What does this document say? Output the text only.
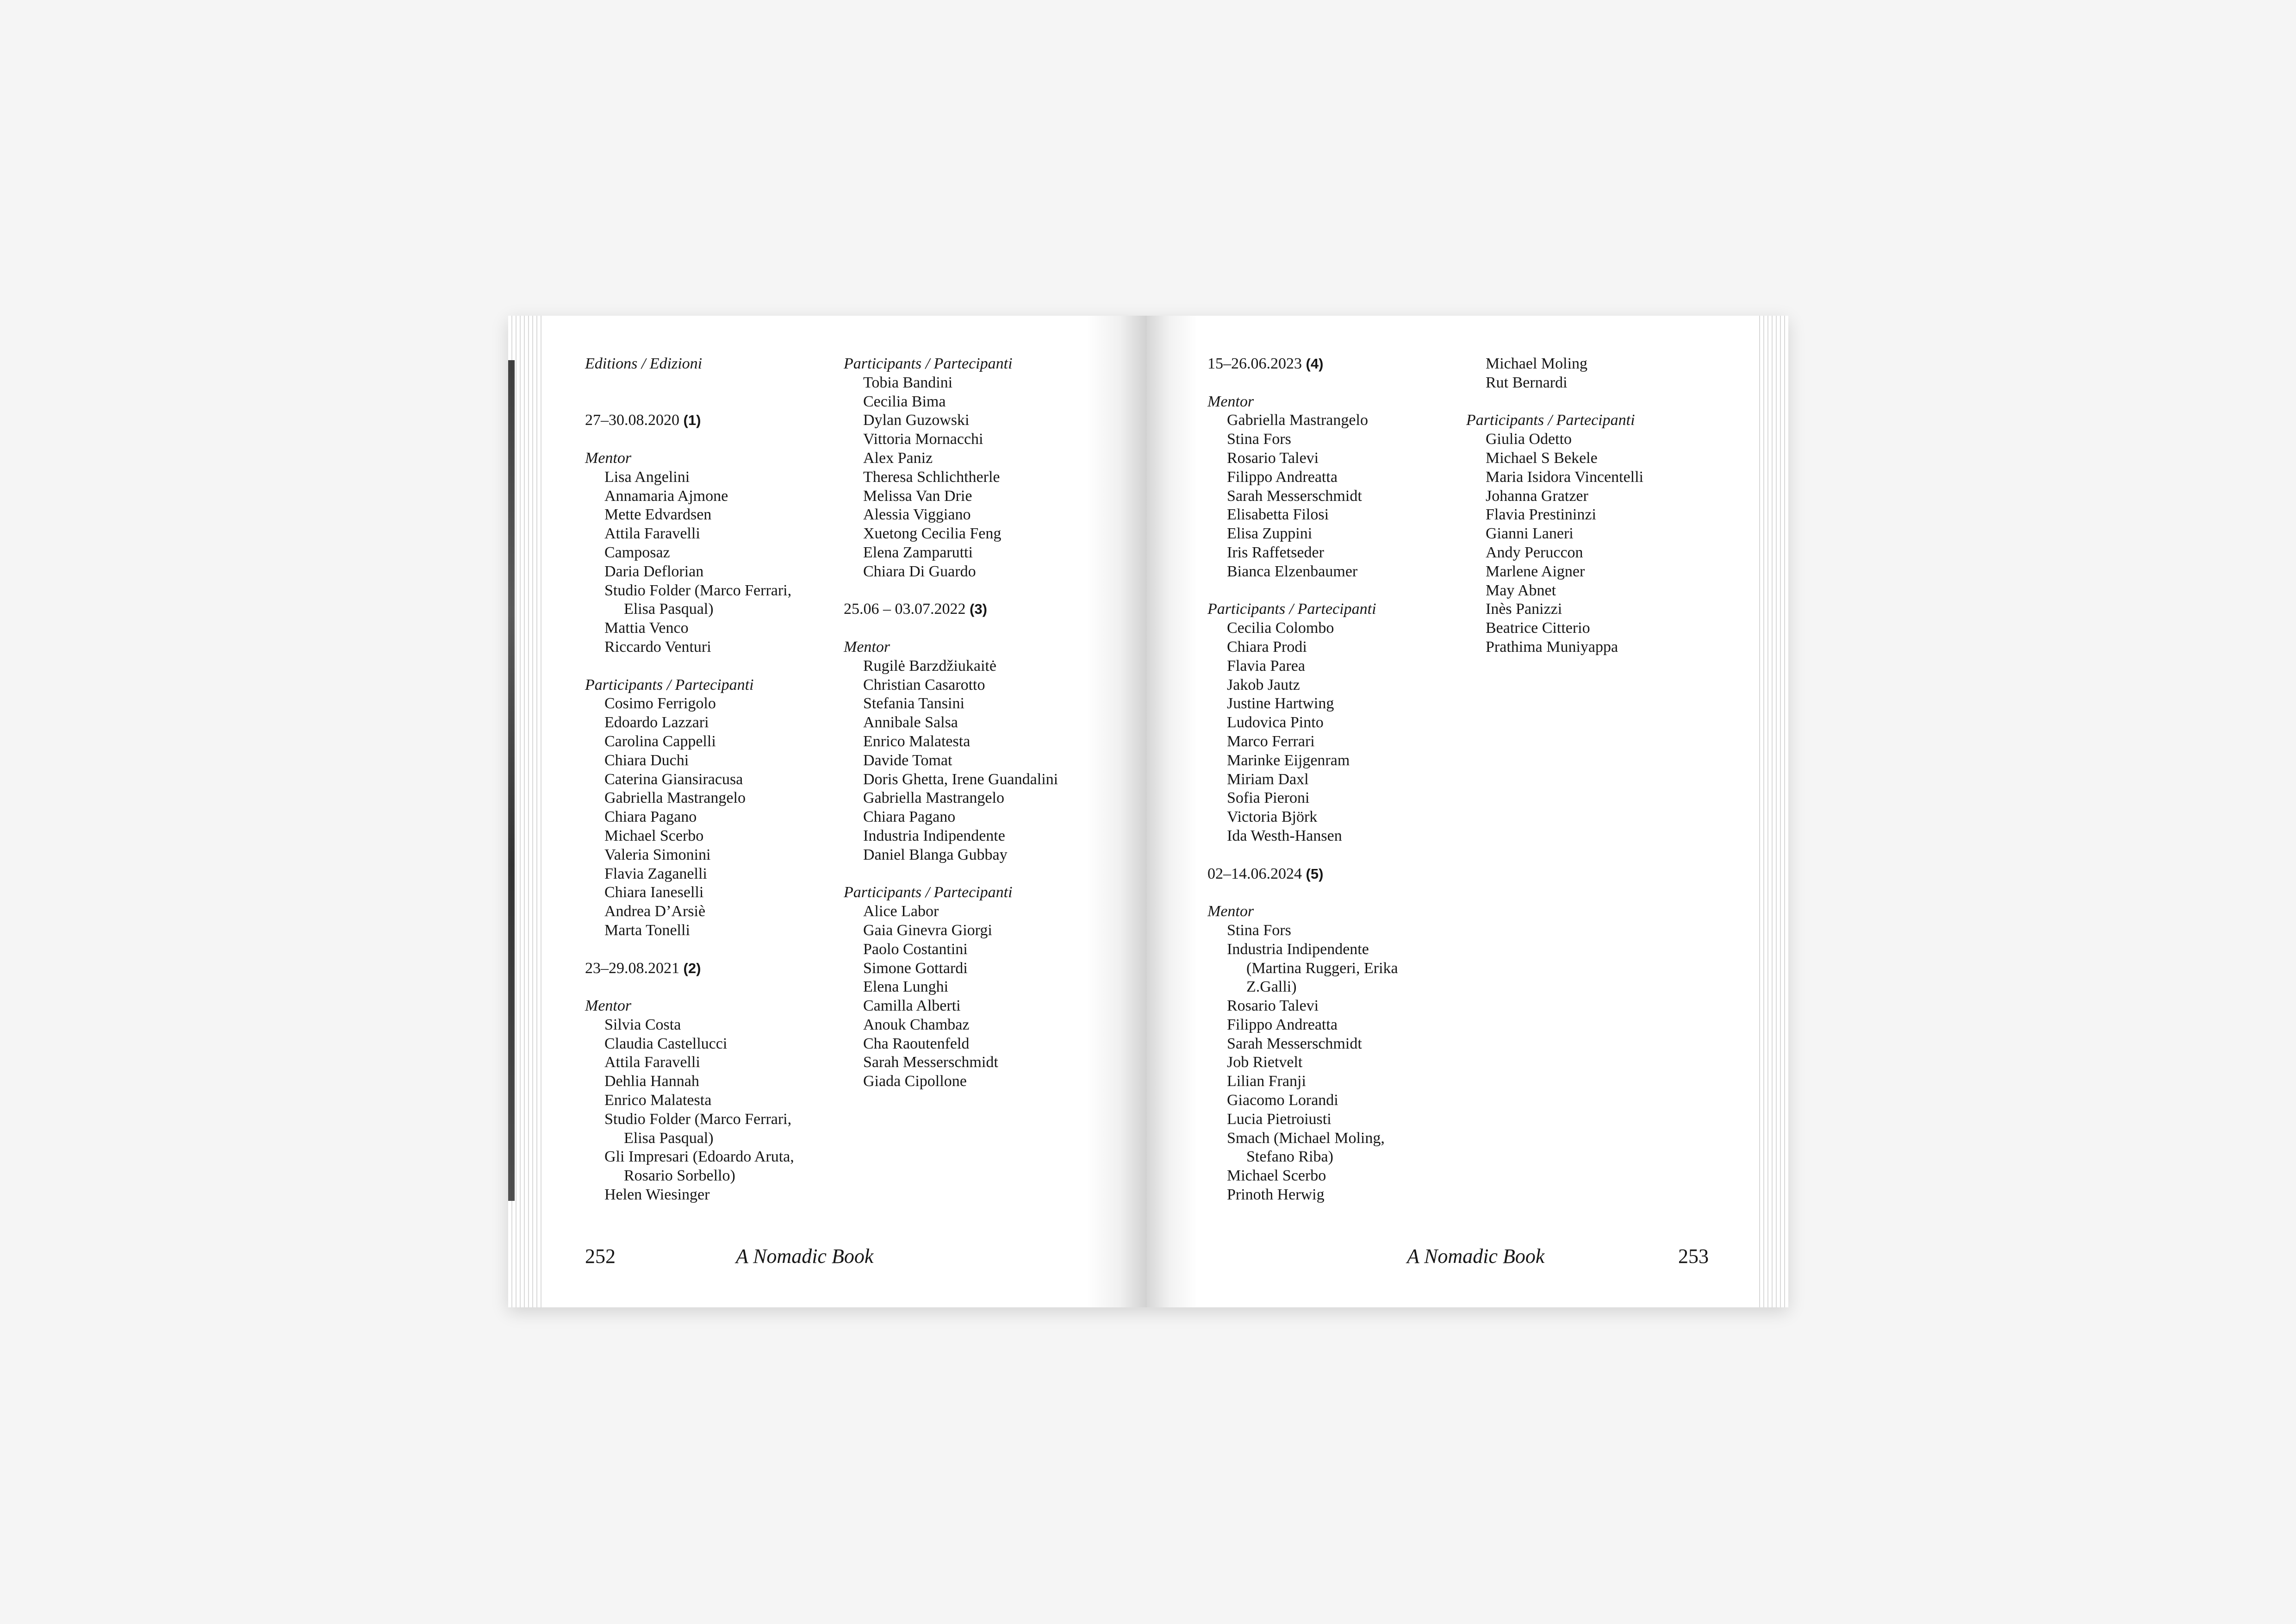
Editions / Edizioni
27–30.08.2020 (1)
Mentor
Lisa Angelini
Annamaria Ajmone
Mette Edvardsen
Attila Faravelli
Camposaz
Daria Deflorian
Studio Folder (Marco Ferrari,
Elisa Pasqual)
Mattia Venco
Riccardo Venturi
Participants / Partecipanti
Cosimo Ferrigolo
Edoardo Lazzari
Carolina Cappelli
Chiara Duchi
Caterina Giansiracusa
Gabriella Mastrangelo
Chiara Pagano
Michael Scerbo
Valeria Simonini
Flavia Zaganelli
Chiara Ianeselli
Andrea D’Arsiè
Marta Tonelli
23–29.08.2021 (2)
Mentor
Silvia Costa
Claudia Castellucci
Attila Faravelli
Dehlia Hannah
Enrico Malatesta
Studio Folder (Marco Ferrari,
Elisa Pasqual)
Gli Impresari (Edoardo Aruta,
Rosario Sorbello)
Helen Wiesinger
Participants / Partecipanti
Tobia Bandini
Cecilia Bima
Dylan Guzowski
Vittoria Mornacchi
Alex Paniz
Theresa Schlichtherle
Melissa Van Drie
Alessia Viggiano
Xuetong Cecilia Feng
Elena Zamparutti
Chiara Di Guardo
25.06 – 03.07.2022 (3)
Mentor
Rugilė Barzdžiukaitė
Christian Casarotto
Stefania Tansini
Annibale Salsa
Enrico Malatesta
Davide Tomat
Doris Ghetta, Irene Guandalini
Gabriella Mastrangelo
Chiara Pagano
Industria Indipendente
Daniel Blanga Gubbay
Participants / Partecipanti
Alice Labor
Gaia Ginevra Giorgi
Paolo Costantini
Simone Gottardi
Elena Lunghi
Camilla Alberti
Anouk Chambaz
Cha Raoutenfeld
Sarah Messerschmidt
Giada Cipollone
15–26.06.2023 (4)
Mentor
Gabriella Mastrangelo
Stina Fors
Rosario Talevi
Filippo Andreatta
Sarah Messerschmidt
Elisabetta Filosi
Elisa Zuppini
Iris Raffetseder
Bianca Elzenbaumer
Participants / Partecipanti
Cecilia Colombo
Chiara Prodi
Flavia Parea
Jakob Jautz
Justine Hartwing
Ludovica Pinto
Marco Ferrari
Marinke Eijgenram
Miriam Daxl
Sofia Pieroni
Victoria Björk
Ida Westh-Hansen
02–14.06.2024 (5)
Mentor
Stina Fors
Industria Indipendente
(Martina Ruggeri, Erika
Z.Galli)
Rosario Talevi
Filippo Andreatta
Sarah Messerschmidt
Job Rietvelt
Lilian Franji
Giacomo Lorandi
Lucia Pietroiusti
Smach (Michael Moling,
Stefano Riba)
Michael Scerbo
Prinoth Herwig
Michael Moling
Rut Bernardi
Participants / Partecipanti
Giulia Odetto
Michael S Bekele
Maria Isidora Vincentelli
Johanna Gratzer
Flavia Prestininzi
Gianni Laneri
Andy Peruccon
Marlene Aigner
May Abnet
Inès Panizzi
Beatrice Citterio
Prathima Muniyappa
252	A Nomadic Book	A Nomadic Book	253
